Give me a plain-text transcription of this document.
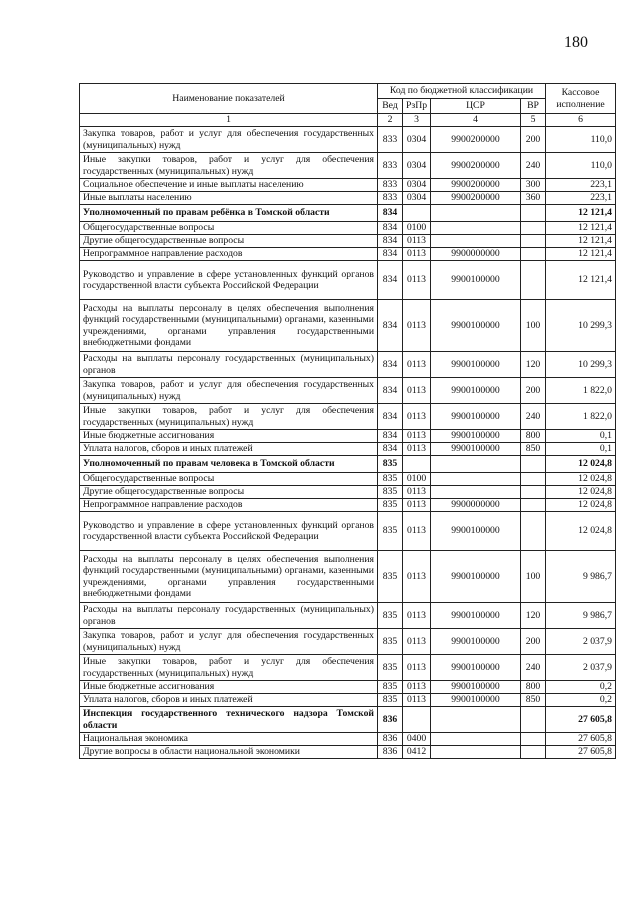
180
Наименование показателей	Код по бюджетной классификации				Кассовое исполнение
	Вед	РзПр	ЦСР	ВР	
1	2	3	4	5	6
Закупка товаров, работ и услуг для обеспечения государственных (муниципальных) нужд	833	0304	9900200000	200	110,0
Иные закупки товаров, работ и услуг для обеспечения государственных (муниципальных) нужд	833	0304	9900200000	240	110,0
Социальное обеспечение и иные выплаты населению	833	0304	9900200000	300	223,1
Иные выплаты населению	833	0304	9900200000	360	223,1
Уполномоченный по правам ребёнка в Томской области	834				12 121,4
Общегосударственные вопросы	834	0100			12 121,4
Другие общегосударственные вопросы	834	0113			12 121,4
Непрограммное направление расходов	834	0113	9900000000		12 121,4
Руководство и управление в сфере установленных функций органов государственной власти субъекта Российской Федерации	834	0113	9900100000		12 121,4
Расходы на выплаты персоналу в целях обеспечения выполнения функций государственными (муниципальными) органами, казенными учреждениями, органами управления государственными внебюджетными фондами	834	0113	9900100000	100	10 299,3
Расходы на выплаты персоналу государственных (муниципальных) органов	834	0113	9900100000	120	10 299,3
Закупка товаров, работ и услуг для обеспечения государственных (муниципальных) нужд	834	0113	9900100000	200	1 822,0
Иные закупки товаров, работ и услуг для обеспечения государственных (муниципальных) нужд	834	0113	9900100000	240	1 822,0
Иные бюджетные ассигнования	834	0113	9900100000	800	0,1
Уплата налогов, сборов и иных платежей	834	0113	9900100000	850	0,1
Уполномоченный по правам человека в Томской области	835				12 024,8
Общегосударственные вопросы	835	0100			12 024,8
Другие общегосударственные вопросы	835	0113			12 024,8
Непрограммное направление расходов	835	0113	9900000000		12 024,8
Руководство и управление в сфере установленных функций органов государственной власти субъекта Российской Федерации	835	0113	9900100000		12 024,8
Расходы на выплаты персоналу в целях обеспечения выполнения функций государственными (муниципальными) органами, казенными учреждениями, органами управления государственными внебюджетными фондами	835	0113	9900100000	100	9 986,7
Расходы на выплаты персоналу государственных (муниципальных) органов	835	0113	9900100000	120	9 986,7
Закупка товаров, работ и услуг для обеспечения государственных (муниципальных) нужд	835	0113	9900100000	200	2 037,9
Иные закупки товаров, работ и услуг для обеспечения государственных (муниципальных) нужд	835	0113	9900100000	240	2 037,9
Иные бюджетные ассигнования	835	0113	9900100000	800	0,2
Уплата налогов, сборов и иных платежей	835	0113	9900100000	850	0,2
Инспекция государственного технического надзора Томской области	836				27 605,8
Национальная экономика	836	0400			27 605,8
Другие вопросы в области национальной экономики	836	0412			27 605,8
